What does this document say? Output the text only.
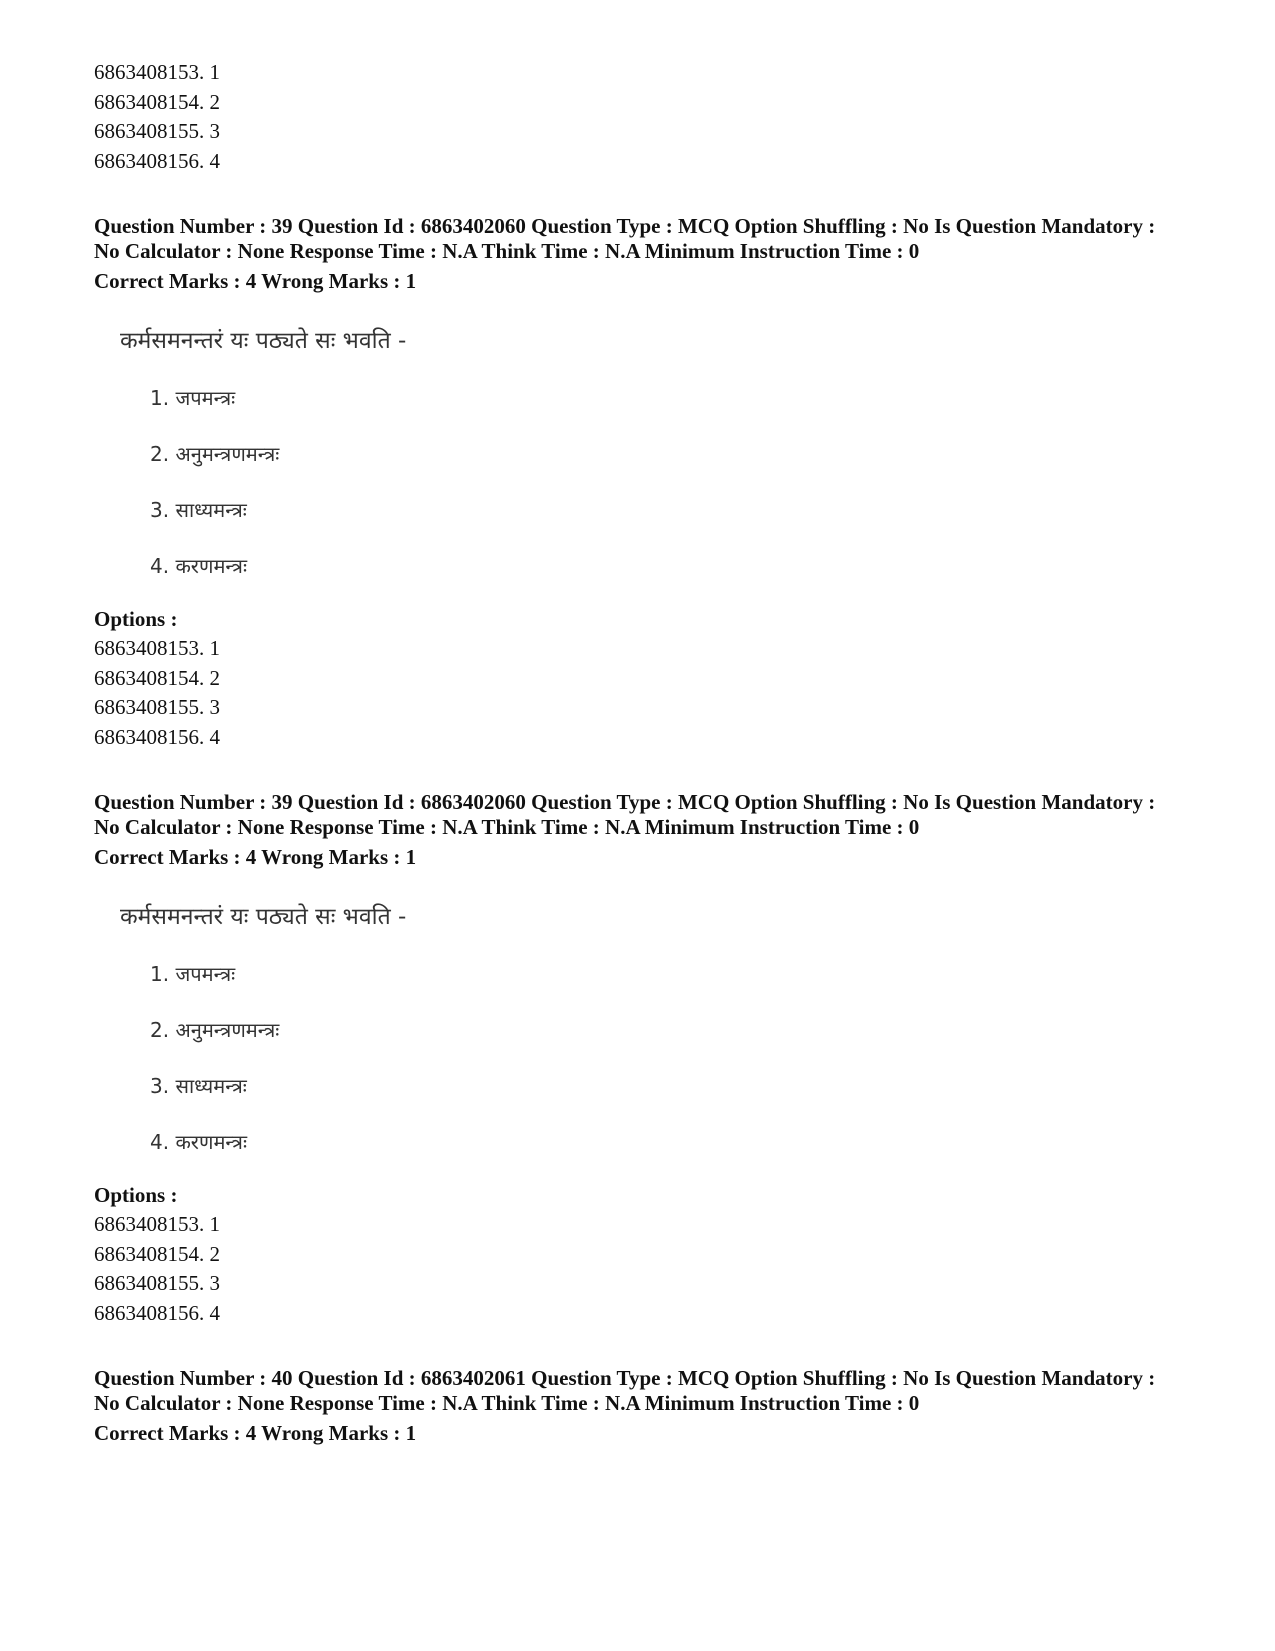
6863408153. 1
6863408154. 2
6863408155. 3
6863408156. 4
Question Number : 39 Question Id : 6863402060 Question Type : MCQ Option Shuffling : No Is Question Mandatory :
No Calculator : None Response Time : N.A Think Time : N.A Minimum Instruction Time : 0
Correct Marks : 4 Wrong Marks : 1
कर्मसमनन्तरं यः पठ्यते सः भवति -
1. जपमन्त्रः
2. अनुमन्त्रणमन्त्रः
3. साध्यमन्त्रः
4. करणमन्त्रः
Options :
6863408153. 1
6863408154. 2
6863408155. 3
6863408156. 4
Question Number : 39 Question Id : 6863402060 Question Type : MCQ Option Shuffling : No Is Question Mandatory :
No Calculator : None Response Time : N.A Think Time : N.A Minimum Instruction Time : 0
Correct Marks : 4 Wrong Marks : 1
कर्मसमनन्तरं यः पठ्यते सः भवति -
1. जपमन्त्रः
2. अनुमन्त्रणमन्त्रः
3. साध्यमन्त्रः
4. करणमन्त्रः
Options :
6863408153. 1
6863408154. 2
6863408155. 3
6863408156. 4
Question Number : 40 Question Id : 6863402061 Question Type : MCQ Option Shuffling : No Is Question Mandatory :
No Calculator : None Response Time : N.A Think Time : N.A Minimum Instruction Time : 0
Correct Marks : 4 Wrong Marks : 1
